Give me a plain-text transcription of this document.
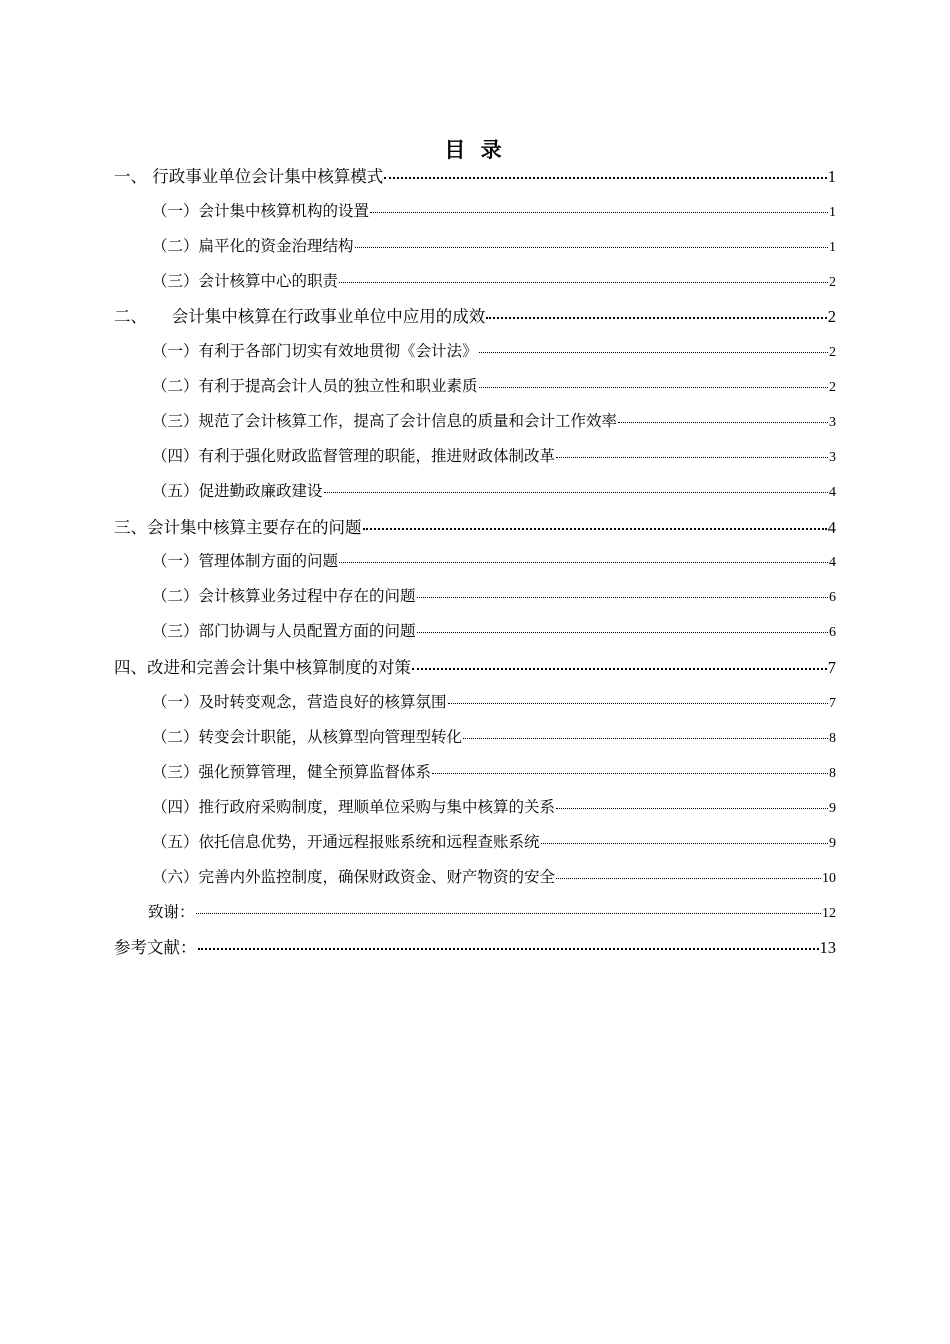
目 录
一、 行政事业单位会计集中核算模式	1
（一）会计集中核算机构的设置	1
（二）扁平化的资金治理结构	1
（三）会计核算中心的职责	2
二、　　会计集中核算在行政事业单位中应用的成效	2
（一）有利于各部门切实有效地贯彻《会计法》	2
（二）有利于提高会计人员的独立性和职业素质	2
（三）规范了会计核算工作，提高了会计信息的质量和会计工作效率	3
（四）有利于强化财政监督管理的职能，推进财政体制改革	3
（五）促进勤政廉政建设	4
三、会计集中核算主要存在的问题	4
（一）管理体制方面的问题	4
（二）会计核算业务过程中存在的问题	6
（三）部门协调与人员配置方面的问题	6
四、改进和完善会计集中核算制度的对策	7
（一）及时转变观念，营造良好的核算氛围	7
（二）转变会计职能，从核算型向管理型转化	8
（三）强化预算管理，健全预算监督体系	8
（四）推行政府采购制度，理顺单位采购与集中核算的关系	9
（五）依托信息优势，开通远程报账系统和远程查账系统	9
（六）完善内外监控制度，确保财政资金、财产物资的安全	10
致谢：	12
参考文献：	13
